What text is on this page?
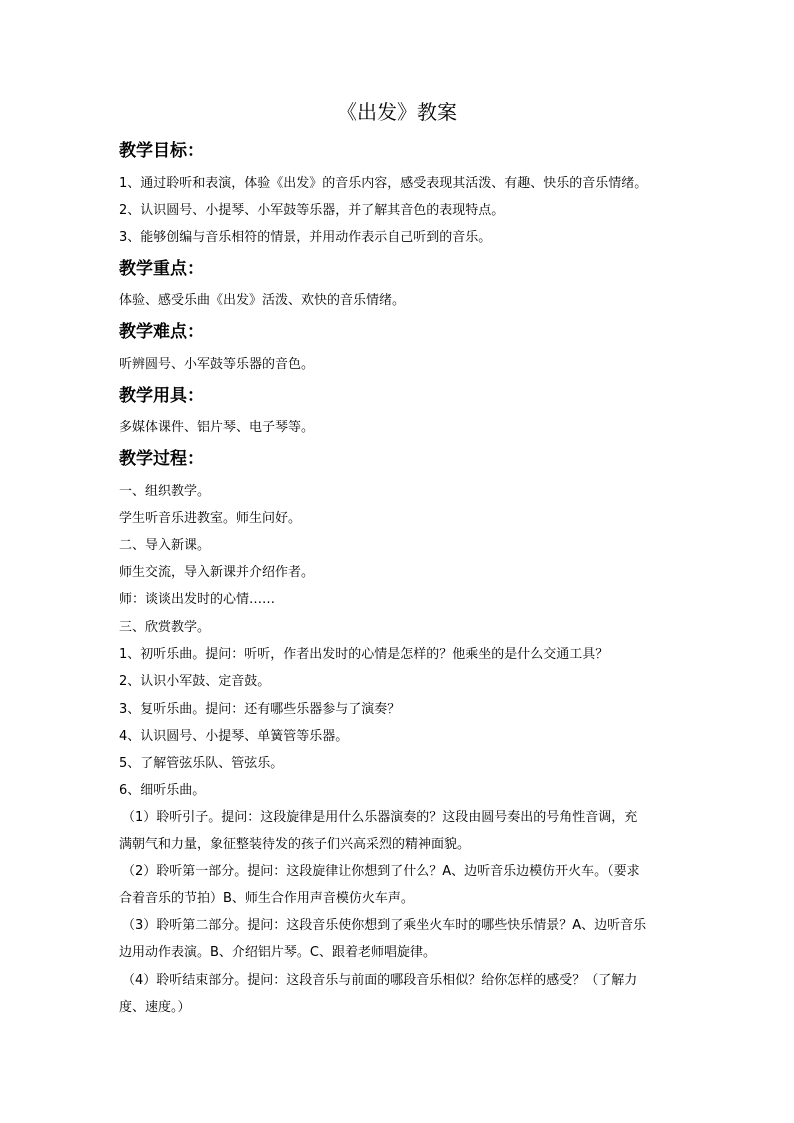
《出发》教案
教学目标：
1、通过聆听和表演，体验《出发》的音乐内容，感受表现其活泼、有趣、快乐的音乐情绪。
2、认识圆号、小提琴、小军鼓等乐器，并了解其音色的表现特点。
3、能够创编与音乐相符的情景，并用动作表示自己听到的音乐。
教学重点：
体验、感受乐曲《出发》活泼、欢快的音乐情绪。
教学难点：
听辨圆号、小军鼓等乐器的音色。
教学用具：
多媒体课件、铝片琴、电子琴等。
教学过程：
一、组织教学。
学生听音乐进教室。师生问好。
二、导入新课。
师生交流，导入新课并介绍作者。
师：谈谈出发时的心情……
三、欣赏教学。
1、初听乐曲。提问：听听，作者出发时的心情是怎样的？他乘坐的是什么交通工具？
2、认识小军鼓、定音鼓。
3、复听乐曲。提问：还有哪些乐器参与了演奏？
4、认识圆号、小提琴、单簧管等乐器。
5、了解管弦乐队、管弦乐。
6、细听乐曲。
（1）聆听引子。提问：这段旋律是用什么乐器演奏的？这段由圆号奏出的号角性音调，充
满朝气和力量，象征整装待发的孩子们兴高采烈的精神面貌。
（2）聆听第一部分。提问：这段旋律让你想到了什么？A、边听音乐边模仿开火车。（要求
合着音乐的节拍）B、师生合作用声音模仿火车声。
（3）聆听第二部分。提问：这段音乐使你想到了乘坐火车时的哪些快乐情景？A、边听音乐
边用动作表演。B、介绍铝片琴。C、跟着老师唱旋律。
（4）聆听结束部分。提问：这段音乐与前面的哪段音乐相似？给你怎样的感受？（了解力
度、速度。）
